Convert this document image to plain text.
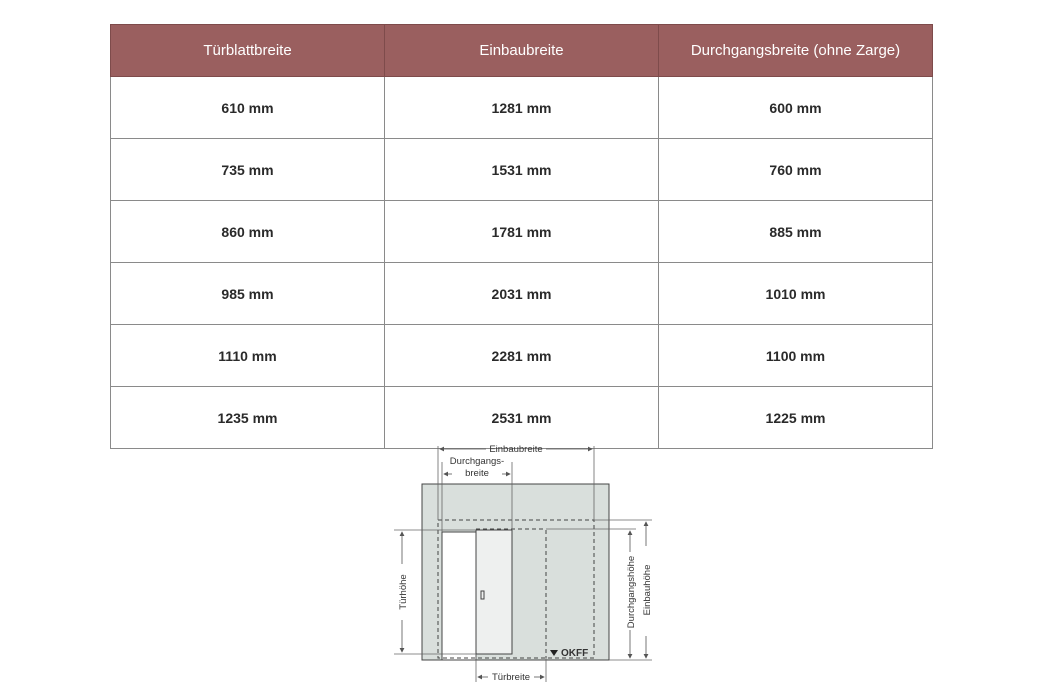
Türblattbreite	Einbaubreite	Durchgangsbreite (ohne Zarge)
610 mm	1281 mm	600 mm
735 mm	1531 mm	760 mm
860 mm	1781 mm	885 mm
985 mm	2031 mm	1010 mm
1110 mm	2281 mm	1100 mm
1235 mm	2531 mm	1225 mm
Einbaubreite
Durchgangs-
breite
Türhöhe	Durchgangshöhe Einbauhöhe
OKFF
Türbreite
